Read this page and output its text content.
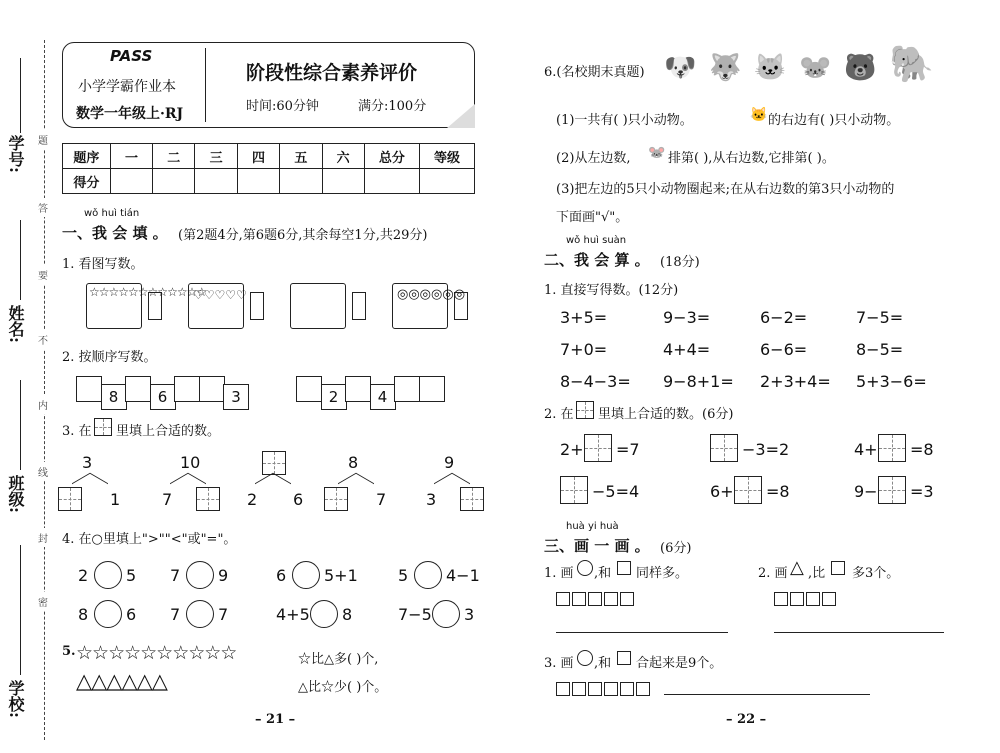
学号:
姓名:
班级:
学校:
PASS
小学学霸作业本
数学一年级上·RJ
阶段性综合素养评价
时间:60分钟	满分:100分
题序	一	二	三	四	五	六	总分	等级
得分								
wǒ huì tián
一、我 会 填 。 (第2题4分,第6题6分,其余每空1分,共29分)
1. 看图写数。
2. 按顺序写数。
8	6	3	2	4
3. 在 里填上合适的数。
4. 在○里填上">""<"或"="。
5. ☆☆☆☆☆☆☆☆☆☆
△△△△△△
☆比△多( )个,
△比☆少( )个。
– 21 –
6.(名校期末真题)
(1)一共有( )只小动物。	🐱 的右边有( )只小动物。
(2)从左边数, 🐭 排第( ),从右边数,它排第( )。
(3)把左边的5只小动物圈起来;在从右边数的第3只小动物的
下面画"√"。
wǒ huì suàn
二、我 会 算 。 (18分)
1. 直接写得数。(12分)
2. 在 里填上合适的数。(6分)
huà yi huà
三、画 一 画 。 (6分)
1. 画 ,和 同样多。	2. 画 △ ,比 多3个。
3. 画 ,和 合起来是9个。
– 22 –
题
答
要
不
内
线
封
密
☆☆☆☆☆☆☆☆☆☆☆☆
♡♡♡♡♡	◎◎◎◎◎◎
3
1
10
7	2 6
8
7
9
3
2 5 7 9	6 5+1	5 4−1
8 6 7 7	4+5 8	7−5 3
🐶 🐺 🐱 🐭 🐻 🐘
3+5=	9−3=	6−2=	7−5=
7+0=	4+4=	6−6=	8−5=
8−4−3= 9−8+1= 2+3+4= 5+3−6=
2+ =7	−3=2	4+ =8
−5=4	6+ =8	9− =3
